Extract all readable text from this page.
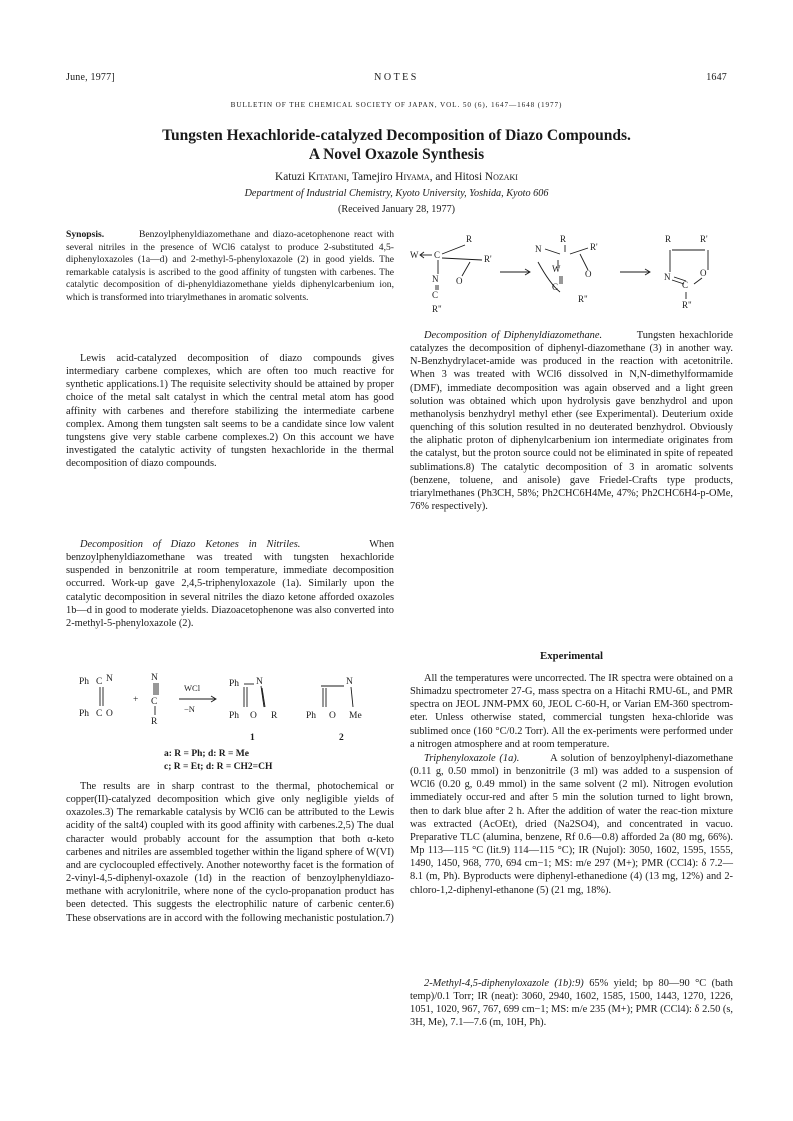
June, 1977]	NOTES	1647
BULLETIN OF THE CHEMICAL SOCIETY OF JAPAN, VOL. 50 (6), 1647—1648 (1977)
Tungsten Hexachloride-catalyzed Decomposition of Diazo Compounds.
A Novel Oxazole Synthesis
Katuzi Kitatani, Tamejiro Hiyama, and Hitosi Nozaki
Department of Industrial Chemistry, Kyoto University, Yoshida, Kyoto 606
(Received January 28, 1977)

Synopsis.	Benzoylphenyldiazomethane and diazo-acetophenone react with several nitriles in the presence of WCl6 catalyst to produce 2-substituted 4,5-diphenyloxazoles (1a—d) and 2-methyl-5-phenyloxazole (2) in good yields. The remarkable catalysis is ascribed to the good affinity of tungsten with carbenes. The catalytic decomposition of di-phenyldiazomethane yields diphenylcarbenium ion, which is transformed into triarylmethanes in aromatic solvents.

Lewis acid-catalyzed decomposition of diazo compounds gives intermediary carbene complexes, which are often too much reactive for synthetic applications.1) The requisite selectivity should be attained by proper choice of the metal salt catalyst in which the central metal atom has good affinity with carbenes and therefore stabilizing the intermediate carbene complex. Among them tungsten salt seems to be a candidate since low valent tungstens give very stable carbene complexes.2) On this account we have investigated the catalytic activity of tungsten hexachloride in the thermal decomposition of diazo compounds.

Decomposition of Diazo Ketones in Nitriles.	When benzoylphenyldiazomethane was treated with tungsten hexachloride suspended in benzonitrile at room temperature, immediate decomposition occurred. Work-up gave 2,4,5-triphenyloxazole (1a). Similarly upon the catalytic decomposition in several nitriles the diazo ketone afforded oxazoles 1b—d in good to moderate yields. Diazoacetophenone was also converted into 2-methyl-5-phenyloxazole (2).

Ph C N
Ph C O
+
N
C
R
WCl
−N
Ph N
Ph O R
1
N
Ph O Me
2
a: R = Ph; d: R = Me
c; R = Et; d: R = CH2=CH

The results are in sharp contrast to the thermal, photochemical or copper(II)-catalyzed decomposition which give only negligible yields of oxazoles.3) The remarkable catalysis by WCl6 can be attributed to the Lewis acidity of the salt4) coupled with its good affinity with carbenes.2,5) The dual character would probably account for the assumption that both α-keto carbenes and nitriles are assembled together within the ligand sphere of W(VI) and are cyclocoupled effectively. Another noteworthy facet is the formation of 2-vinyl-4,5-diphenyl-oxazole (1d) in the reaction of benzoylphenyldiazo-methane with acrylonitrile, where none of the cyclo-propanation product has been detected. This suggests the electrophilic nature of carbenic center.6) These observations are in accord with the following mechanistic postulation.7)

R
W C	R'
N O
C
R"
R
N	R'
W
C
O
R"
R	R'
N	O
C
R"

Decomposition of Diphenyldiazomethane.	Tungsten hexachloride catalyzes the decomposition of diphenyl-diazomethane (3) in another way. N-Benzhydrylacet-amide was produced in the reaction with acetonitrile. When 3 was treated with WCl6 dissolved in N,N-dimethylformamide (DMF), immediate decomposition was again observed and a light green solution was obtained which upon hydrolysis gave benzhydrol and upon methanolysis benzhydryl methyl ether (see Experimental). Deuterium oxide quenching of this solution resulted in no deuterated benzhydrol. Obviously the aliphatic proton of diphenylcarbenium ion intermediate originates from the catalyst, but the proton source could not be eliminated in spite of repeated sublimations.8) The catalytic decomposition of 3 in aromatic solvents (benzene, toluene, and anisole) gave Friedel-Crafts type products, triarylmethanes (Ph3CH, 58%; Ph2CHC6H4Me, 47%; Ph2CHC6H4-p-OMe, 76% respectively).

Experimental

All the temperatures were uncorrected. The IR spectra were obtained on a Shimadzu spectrometer 27-G, mass spectra on a Hitachi RMU-6L, and PMR spectra on JEOL JNM-PMX 60, JEOL C-60-H, or Varian EM-360 spectrom-eter. Unless otherwise stated, commercial tungsten hexa-chloride was sublimed once (160 °C/0.2 Torr). All the ex-periments were performed under a nitrogen atmosphere and at room temperature.

Triphenyloxazole (1a).	A solution of benzoylphenyl-diazomethane (0.11 g, 0.50 mmol) in benzonitrile (3 ml) was added to a suspension of WCl6 (0.20 g, 0.49 mmol) in the same solvent (2 ml). Nitrogen evolution immediately occur-red and after 5 min the solution turned to light brown, then to dark blue after 2 h. After the addition of water the reac-tion mixture was extracted (AcOEt), dried (Na2SO4), and concentrated in vacuo. Preparative TLC (alumina, benzene, Rf 0.6—0.8) afforded 2a (80 mg, 66%). Mp 113—115 °C (lit.9) 114—115 °C); IR (Nujol): 3050, 1602, 1595, 1555, 1490, 1450, 968, 770, 694 cm−1; MS: m/e 297 (M+); PMR (CCl4): δ 7.2—8.1 (m, Ph). Byproducts were diphenyl-ethanedione (4) (13 mg, 12%) and 2-chloro-1,2-diphenyl-ethanone (5) (21 mg, 18%).

2-Methyl-4,5-diphenyloxazole (1b):9) 65% yield; bp 80—90 °C (bath temp)/0.1 Torr; IR (neat): 3060, 2940, 1602, 1585, 1500, 1443, 1270, 1226, 1051, 1020, 967, 767, 699 cm−1; MS: m/e 235 (M+); PMR (CCl4): δ 2.50 (s, 3H, Me), 7.1—7.6 (m, 10H, Ph).
